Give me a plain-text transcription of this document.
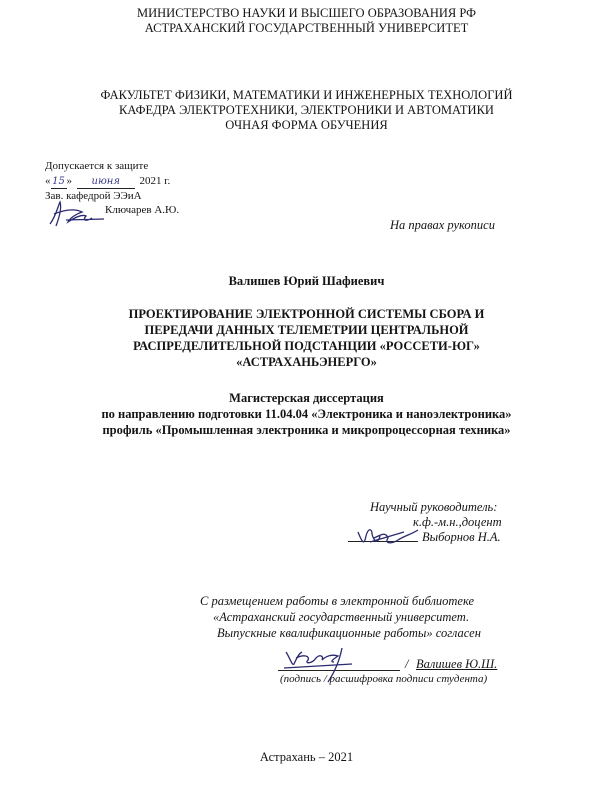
МИНИСТЕРСТВО НАУКИ И ВЫСШЕГО ОБРАЗОВАНИЯ РФ
АСТРАХАНСКИЙ ГОСУДАРСТВЕННЫЙ УНИВЕРСИТЕТ
ФАКУЛЬТЕТ ФИЗИКИ, МАТЕМАТИКИ И ИНЖЕНЕРНЫХ ТЕХНОЛОГИЙ
КАФЕДРА ЭЛЕКТРОТЕХНИКИ, ЭЛЕКТРОНИКИ И АВТОМАТИКИ
ОЧНАЯ ФОРМА ОБУЧЕНИЯ
Допускается к защите
« 15 » июня 2021 г.
Зав. кафедрой ЭЭиА
Ключарев А.Ю.
На правах рукописи
Валишев Юрий Шафиевич
ПРОЕКТИРОВАНИЕ ЭЛЕКТРОННОЙ СИСТЕМЫ СБОРА И
ПЕРЕДАЧИ ДАННЫХ ТЕЛЕМЕТРИИ ЦЕНТРАЛЬНОЙ
РАСПРЕДЕЛИТЕЛЬНОЙ ПОДСТАНЦИИ «РОССЕТИ-ЮГ»
«АСТРАХАНЬЭНЕРГО»
Магистерская диссертация
по направлению подготовки 11.04.04 «Электроника и наноэлектроника»
профиль «Промышленная электроника и микропроцессорная техника»
Научный руководитель:
к.ф.-м.н.,доцент
Выборнов Н.А.
С размещением работы в электронной библиотеке
«Астраханский государственный университет.
Выпускные квалификационные работы» согласен
/ Валишев Ю.Ш.
(подпись / расшифровка подписи студента)
Астрахань – 2021
